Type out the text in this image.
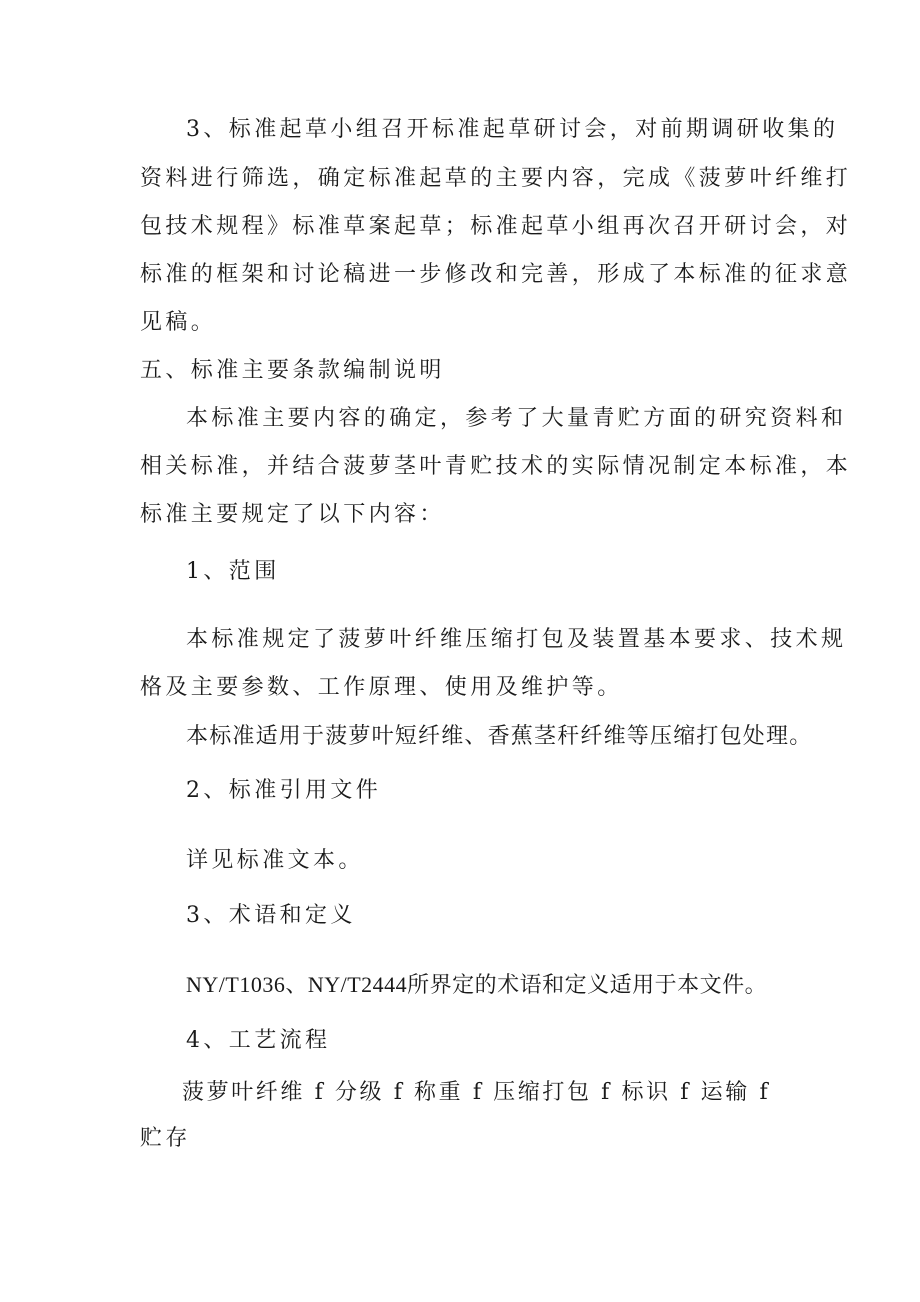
3、标准起草小组召开标准起草研讨会，对前期调研收集的
资料进行筛选，确定标准起草的主要内容，完成《菠萝叶纤维打
包技术规程》标准草案起草；标准起草小组再次召开研讨会，对
标准的框架和讨论稿进一步修改和完善，形成了本标准的征求意
见稿。
五、标准主要条款编制说明
本标准主要内容的确定，参考了大量青贮方面的研究资料和
相关标准，并结合菠萝茎叶青贮技术的实际情况制定本标准，本
标准主要规定了以下内容：
1、范围
本标准规定了菠萝叶纤维压缩打包及装置基本要求、技术规
格及主要参数、工作原理、使用及维护等。
本标准适用于菠萝叶短纤维、香蕉茎秆纤维等压缩打包处理。
2、标准引用文件
详见标准文本。
3、术语和定义
NY/T1036、NY/T2444所界定的术语和定义适用于本文件。
4、工艺流程
菠萝叶纤维 f 分级 f 称重 f 压缩打包 f 标识 f 运输 f
贮存
